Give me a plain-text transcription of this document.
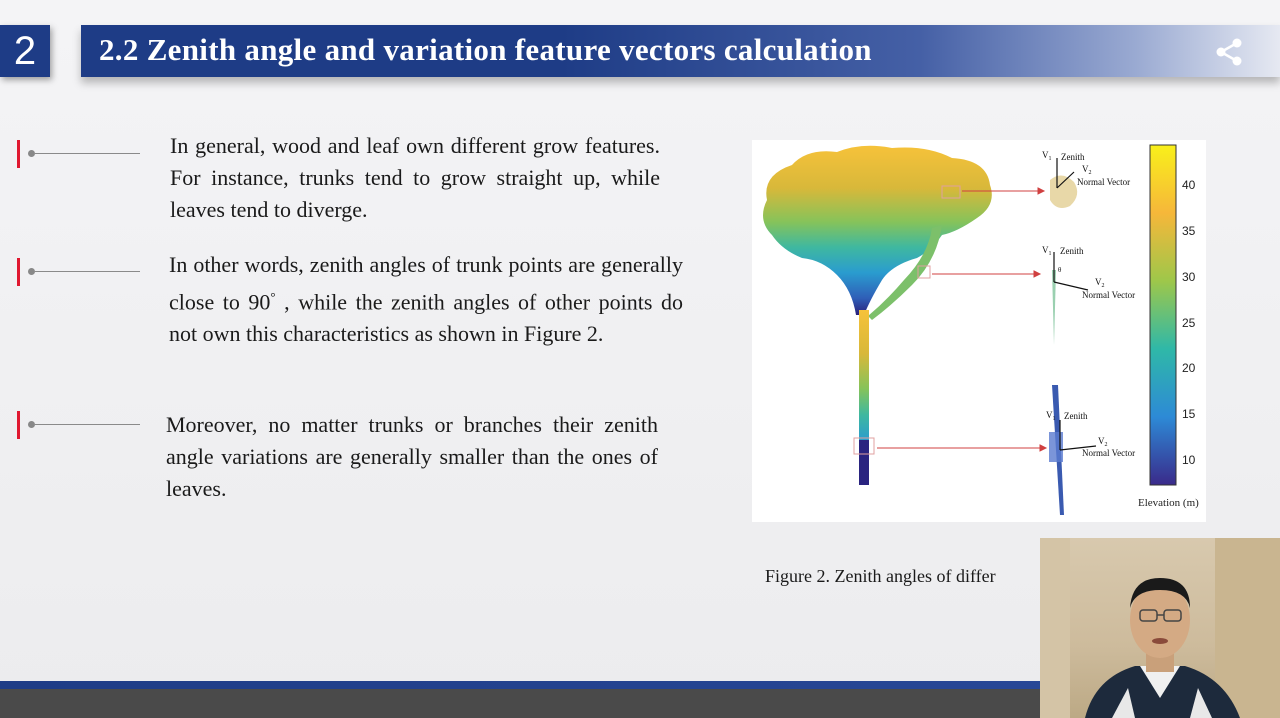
2 2.2 Zenith angle and variation feature vectors calculation
In general, wood and leaf own different grow features. For instance, trunks tend to grow straight up, while leaves tend to diverge.
In other words, zenith angles of trunk points are generally close to 90° , while the zenith angles of other points do not own this characteristics as shown in Figure 2.
Moreover, no matter trunks or branches their zenith angle variations are generally smaller than the ones of leaves.
$V_1$ Zenith
$V_2$
Normal Vector
$V_1$ Zenith
θ
$V_2$
Normal Vector
$V_1$ Zenith
$V_2$
Normal Vector
40
35
30
25
20
15
10
Elevation (m)
Figure 2. Zenith angles of differ
